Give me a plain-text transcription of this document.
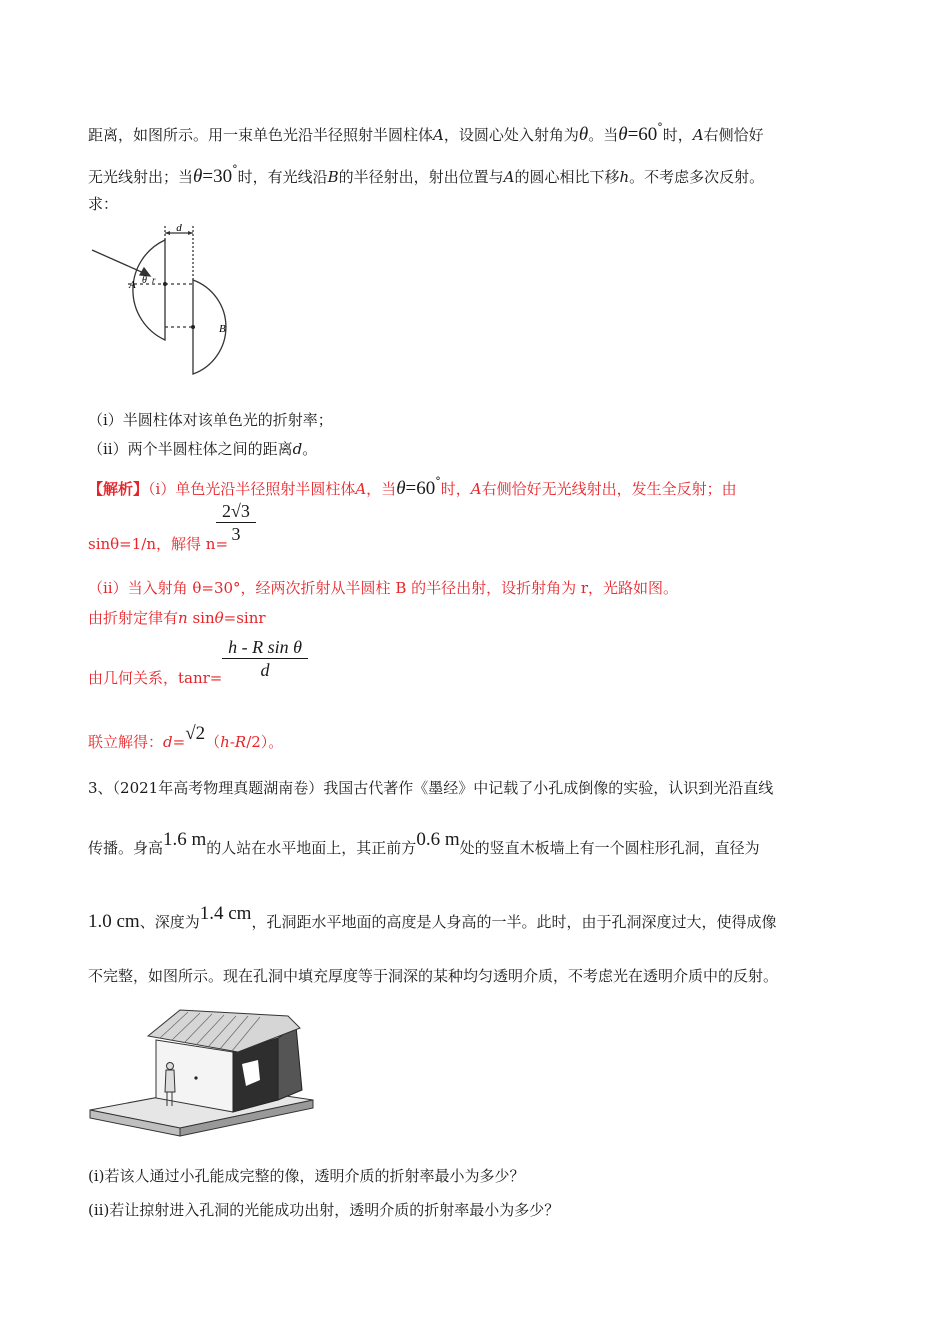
距离，如图所示。用一束单色光沿半径照射半圆柱体A，设圆心处入射角为θ。当θ=60°时，A右侧恰好
无光线射出；当θ=30°时，有光线沿B的半径射出，射出位置与A的圆心相比下移h。不考虑多次反射。
求：
d
A
B
θ r
（ⅰ）半圆柱体对该单色光的折射率；
（ⅱ）两个半圆柱体之间的距离d。
【解析】（i）单色光沿半径照射半圆柱体A，当θ=60°时，A右侧恰好无光线射出，发生全反射；由
sinθ=1/n，解得 n=
2√3
3
（ii）当入射角 θ=30°，经两次折射从半圆柱 B 的半径出射，设折射角为 r，光路如图。
由折射定律有n sinθ=sinr
由几何关系，tanr=
h - R sin θ
d
联立解得：d=√2（h-R/2）。
3、（2021年高考物理真题湖南卷）我国古代著作《墨经》中记载了小孔成倒像的实验，认识到光沿直线
传播。身高1.6 m的人站在水平地面上，其正前方0.6 m处的竖直木板墙上有一个圆柱形孔洞，直径为
1.0 cm、深度为1.4 cm，孔洞距水平地面的高度是人身高的一半。此时，由于孔洞深度过大，使得成像
不完整，如图所示。现在孔洞中填充厚度等于洞深的某种均匀透明介质，不考虑光在透明介质中的反射。
(ⅰ)若该人通过小孔能成完整的像，透明介质的折射率最小为多少？
(ⅱ)若让掠射进入孔洞的光能成功出射，透明介质的折射率最小为多少？
